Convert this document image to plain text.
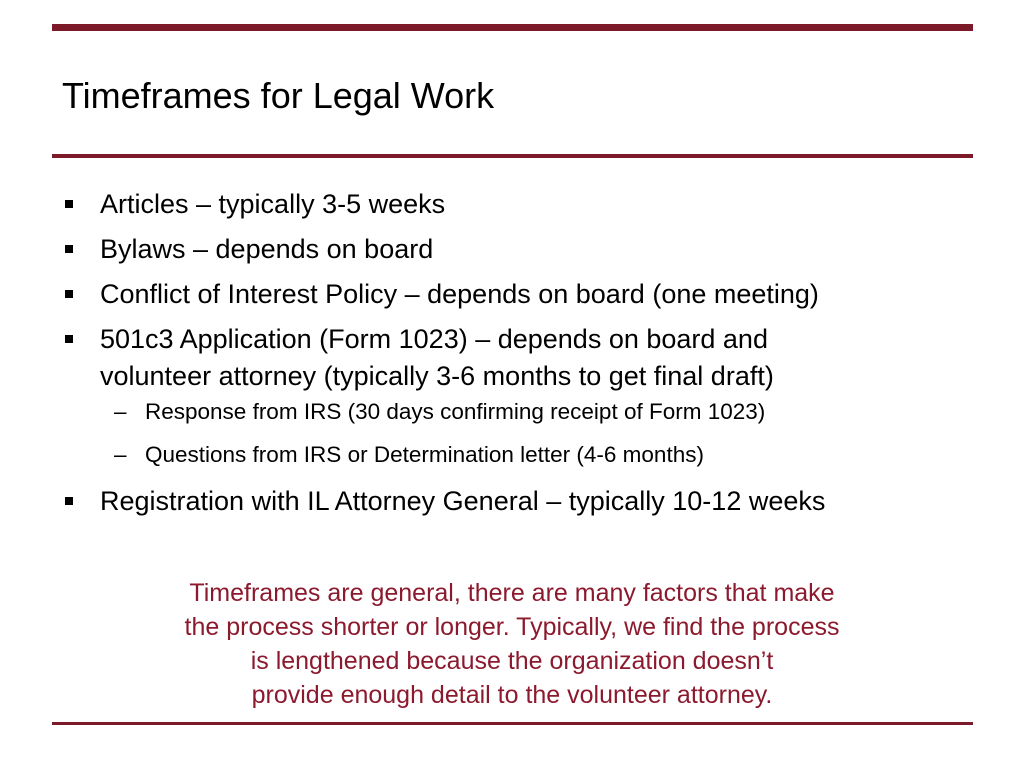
Timeframes for Legal Work
Articles – typically 3-5 weeks
Bylaws – depends on board
Conflict of Interest Policy – depends on board (one meeting)
501c3 Application (Form 1023) – depends on board and
volunteer attorney (typically 3-6 months to get final draft)
– Response from IRS (30 days confirming receipt of Form 1023)
– Questions from IRS or Determination letter (4-6 months)
Registration with IL Attorney General – typically 10-12 weeks
Timeframes are general, there are many factors that make
the process shorter or longer. Typically, we find the process
is lengthened because the organization doesn’t
provide enough detail to the volunteer attorney.
